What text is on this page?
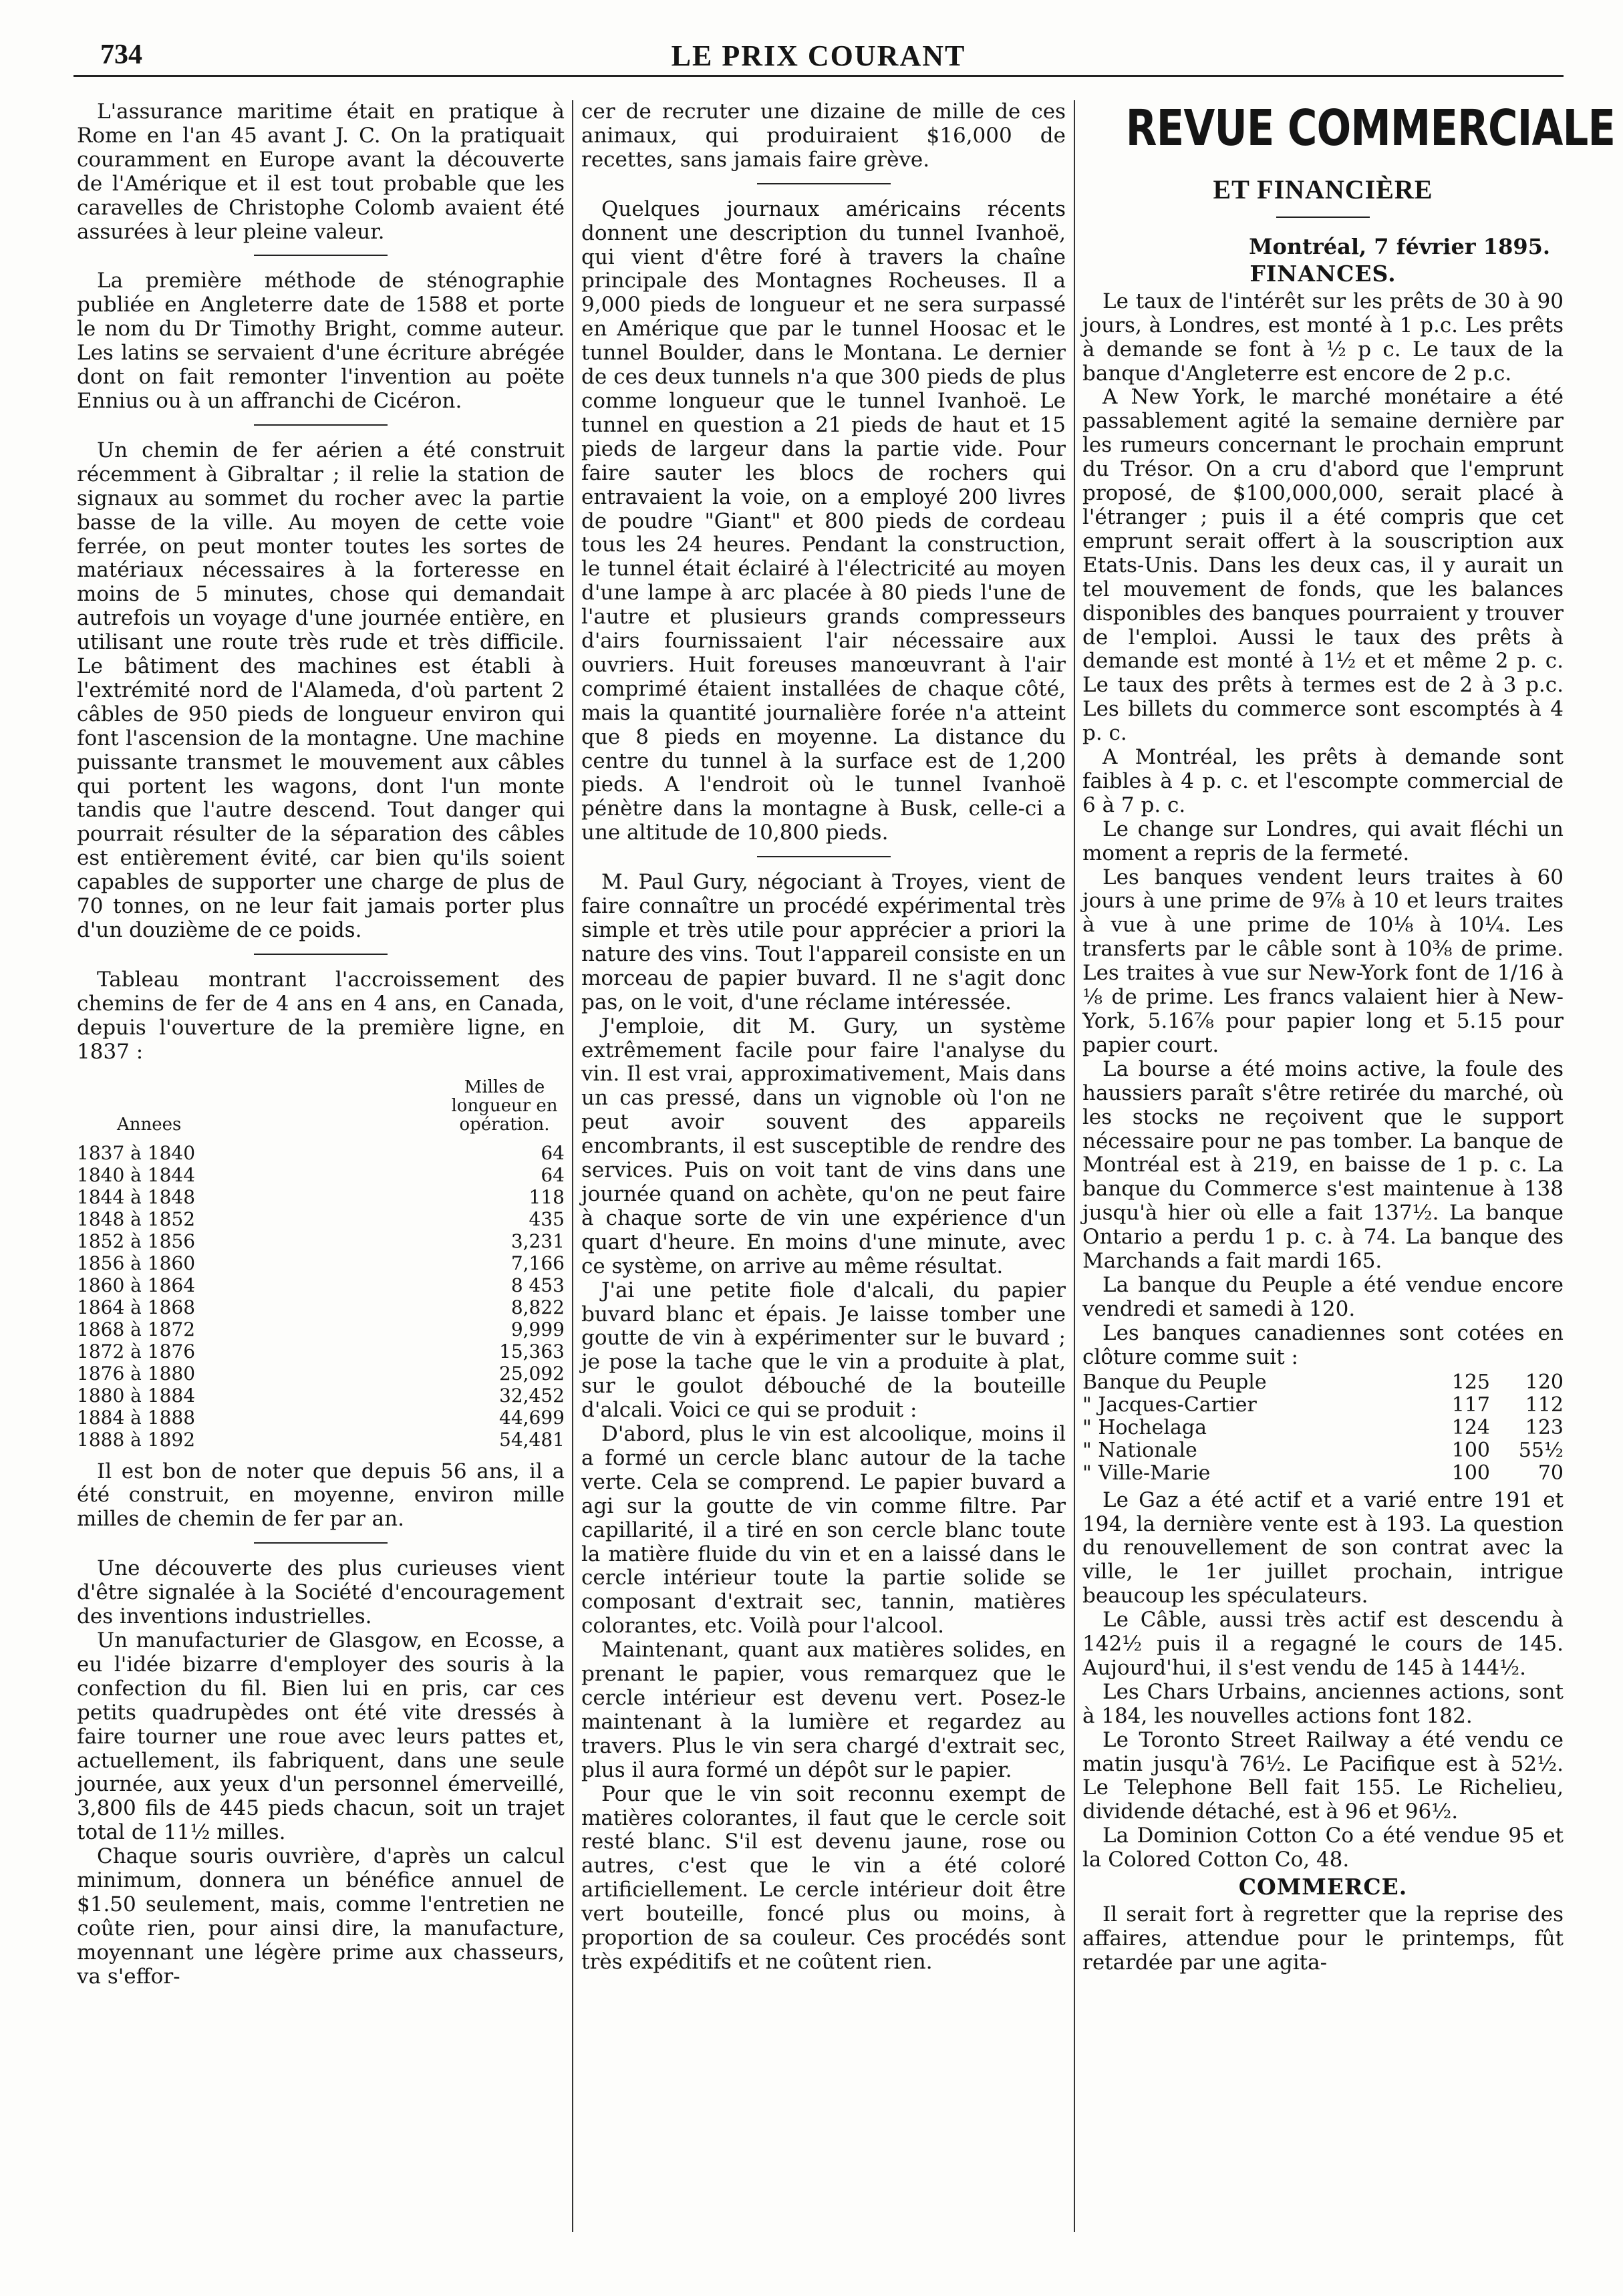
734	LE PRIX COURANT

L'assurance maritime était en pratique à Rome en l'an 45 avant J. C. On la pratiquait couramment en Europe avant la découverte de l'Amérique et il est tout probable que les caravelles de Christophe Colomb avaient été assurées à leur pleine valeur.

La première méthode de sténographie publiée en Angleterre date de 1588 et porte le nom du Dr Timothy Bright, comme auteur. Les latins se servaient d'une écriture abrégée dont on fait remonter l'invention au poëte Ennius ou à un affranchi de Cicéron.

Un chemin de fer aérien a été construit récemment à Gibraltar ; il relie la station de signaux au sommet du rocher avec la partie basse de la ville. Au moyen de cette voie ferrée, on peut monter toutes les sortes de matériaux nécessaires à la forteresse en moins de 5 minutes, chose qui demandait autrefois un voyage d'une journée entière, en utilisant une route très rude et très difficile. Le bâtiment des machines est établi à l'extrémité nord de l'Alameda, d'où partent 2 câbles de 950 pieds de longueur environ qui font l'ascension de la montagne. Une machine puissante transmet le mouvement aux câbles qui portent les wagons, dont l'un monte tandis que l'autre descend. Tout danger qui pourrait résulter de la séparation des câbles est entièrement évité, car bien qu'ils soient capables de supporter une charge de plus de 70 tonnes, on ne leur fait jamais porter plus d'un douzième de ce poids.

Tableau montrant l'accroissement des chemins de fer de 4 ans en 4 ans, en Canada, depuis l'ouverture de la première ligne, en 1837 :

Annees
Milles de longueur en opération.
1837 à 1840	64
1840 à 1844	64
1844 à 1848	118
1848 à 1852	435
1852 à 1856	3,231
1856 à 1860	7,166
1860 à 1864	8 453
1864 à 1868	8,822
1868 à 1872	9,999
1872 à 1876	15,363
1876 à 1880	25,092
1880 à 1884	32,452
1884 à 1888	44,699
1888 à 1892	54,481

Il est bon de noter que depuis 56 ans, il a été construit, en moyenne, environ mille milles de chemin de fer par an.

Une découverte des plus curieuses vient d'être signalée à la Société d'encouragement des inventions industrielles.

Un manufacturier de Glasgow, en Ecosse, a eu l'idée bizarre d'employer des souris à la confection du fil. Bien lui en pris, car ces petits quadrupèdes ont été vite dressés à faire tourner une roue avec leurs pattes et, actuellement, ils fabriquent, dans une seule journée, aux yeux d'un personnel émerveillé, 3,800 fils de 445 pieds chacun, soit un trajet total de 11½ milles.

Chaque souris ouvrière, d'après un calcul minimum, donnera un bénéfice annuel de $1.50 seulement, mais, comme l'entretien ne coûte rien, pour ainsi dire, la manufacture, moyennant une légère prime aux chasseurs, va s'effor-

cer de recruter une dizaine de mille de ces animaux, qui produiraient $16,000 de recettes, sans jamais faire grève.

Quelques journaux américains récents donnent une description du tunnel Ivanhoë, qui vient d'être foré à travers la chaîne principale des Montagnes Rocheuses. Il a 9,000 pieds de longueur et ne sera surpassé en Amérique que par le tunnel Hoosac et le tunnel Boulder, dans le Montana. Le dernier de ces deux tunnels n'a que 300 pieds de plus comme longueur que le tunnel Ivanhoë. Le tunnel en question a 21 pieds de haut et 15 pieds de largeur dans la partie vide. Pour faire sauter les blocs de rochers qui entravaient la voie, on a employé 200 livres de poudre "Giant" et 800 pieds de cordeau tous les 24 heures. Pendant la construction, le tunnel était éclairé à l'électricité au moyen d'une lampe à arc placée à 80 pieds l'une de l'autre et plusieurs grands compresseurs d'airs fournissaient l'air nécessaire aux ouvriers. Huit foreuses manœuvrant à l'air comprimé étaient installées de chaque côté, mais la quantité journalière forée n'a atteint que 8 pieds en moyenne. La distance du centre du tunnel à la surface est de 1,200 pieds. A l'endroit où le tunnel Ivanhoë pénètre dans la montagne à Busk, celle-ci a une altitude de 10,800 pieds.

M. Paul Gury, négociant à Troyes, vient de faire connaître un procédé expérimental très simple et très utile pour apprécier a priori la nature des vins. Tout l'appareil consiste en un morceau de papier buvard. Il ne s'agit donc pas, on le voit, d'une réclame intéressée.

J'emploie, dit M. Gury, un système extrêmement facile pour faire l'analyse du vin. Il est vrai, approximativement, Mais dans un cas pressé, dans un vignoble où l'on ne peut avoir souvent des appareils encombrants, il est susceptible de rendre des services. Puis on voit tant de vins dans une journée quand on achète, qu'on ne peut faire à chaque sorte de vin une expérience d'un quart d'heure. En moins d'une minute, avec ce système, on arrive au même résultat.

J'ai une petite fiole d'alcali, du papier buvard blanc et épais. Je laisse tomber une goutte de vin à expérimenter sur le buvard ; je pose la tache que le vin a produite à plat, sur le goulot débouché de la bouteille d'alcali. Voici ce qui se produit :

D'abord, plus le vin est alcoolique, moins il a formé un cercle blanc autour de la tache verte. Cela se comprend. Le papier buvard a agi sur la goutte de vin comme filtre. Par capillarité, il a tiré en son cercle blanc toute la matière fluide du vin et en a laissé dans le cercle intérieur toute la partie solide se composant d'extrait sec, tannin, matières colorantes, etc. Voilà pour l'alcool.

Maintenant, quant aux matières solides, en prenant le papier, vous remarquez que le cercle intérieur est devenu vert. Posez-le maintenant à la lumière et regardez au travers. Plus le vin sera chargé d'extrait sec, plus il aura formé un dépôt sur le papier.

Pour que le vin soit reconnu exempt de matières colorantes, il faut que le cercle soit resté blanc. S'il est devenu jaune, rose ou autres, c'est que le vin a été coloré artificiellement. Le cercle intérieur doit être vert bouteille, foncé plus ou moins, à proportion de sa couleur. Ces procédés sont très expéditifs et ne coûtent rien.

REVUE COMMERCIALE
ET FINANCIÈRE
Montréal, 7 février 1895.
FINANCES.

Le taux de l'intérêt sur les prêts de 30 à 90 jours, à Londres, est monté à 1 p.c. Les prêts à demande se font à ½ p c. Le taux de la banque d'Angleterre est encore de 2 p.c.

A New York, le marché monétaire a été passablement agité la semaine dernière par les rumeurs concernant le prochain emprunt du Trésor. On a cru d'abord que l'emprunt proposé, de $100,000,000, serait placé à l'étranger ; puis il a été compris que cet emprunt serait offert à la souscription aux Etats-Unis. Dans les deux cas, il y aurait un tel mouvement de fonds, que les balances disponibles des banques pourraient y trouver de l'emploi. Aussi le taux des prêts à demande est monté à 1½ et et même 2 p. c. Le taux des prêts à termes est de 2 à 3 p.c. Les billets du commerce sont escomptés à 4 p. c.

A Montréal, les prêts à demande sont faibles à 4 p. c. et l'escompte commercial de 6 à 7 p. c.

Le change sur Londres, qui avait fléchi un moment a repris de la fermeté.

Les banques vendent leurs traites à 60 jours à une prime de 9⅞ à 10 et leurs traites à vue à une prime de 10⅛ à 10¼. Les transferts par le câble sont à 10⅜ de prime. Les traites à vue sur New-York font de 1/16 à ⅛ de prime. Les francs valaient hier à New-York, 5.16⅞ pour papier long et 5.15 pour papier court.

La bourse a été moins active, la foule des haussiers paraît s'être retirée du marché, où les stocks ne reçoivent que le support nécessaire pour ne pas tomber. La banque de Montréal est à 219, en baisse de 1 p. c. La banque du Commerce s'est maintenue à 138 jusqu'à hier où elle a fait 137½. La banque Ontario a perdu 1 p. c. à 74. La banque des Marchands a fait mardi 165.

La banque du Peuple a été vendue encore vendredi et samedi à 120.

Les banques canadiennes sont cotées en clôture comme suit :

Banque du Peuple	125	120
" Jacques-Cartier	117	112
" Hochelaga	124	123
" Nationale	100	55½
" Ville-Marie	100	70

Le Gaz a été actif et a varié entre 191 et 194, la dernière vente est à 193. La question du renouvellement de son contrat avec la ville, le 1er juillet prochain, intrigue beaucoup les spéculateurs.

Le Câble, aussi très actif est descendu à 142½ puis il a regagné le cours de 145. Aujourd'hui, il s'est vendu de 145 à 144½.

Les Chars Urbains, anciennes actions, sont à 184, les nouvelles actions font 182.

Le Toronto Street Railway a été vendu ce matin jusqu'à 76½. Le Pacifique est à 52½. Le Telephone Bell fait 155. Le Richelieu, dividende détaché, est à 96 et 96½.

La Dominion Cotton Co a été vendue 95 et la Colored Cotton Co, 48.

COMMERCE.

Il serait fort à regretter que la reprise des affaires, attendue pour le printemps, fût retardée par une agita-
